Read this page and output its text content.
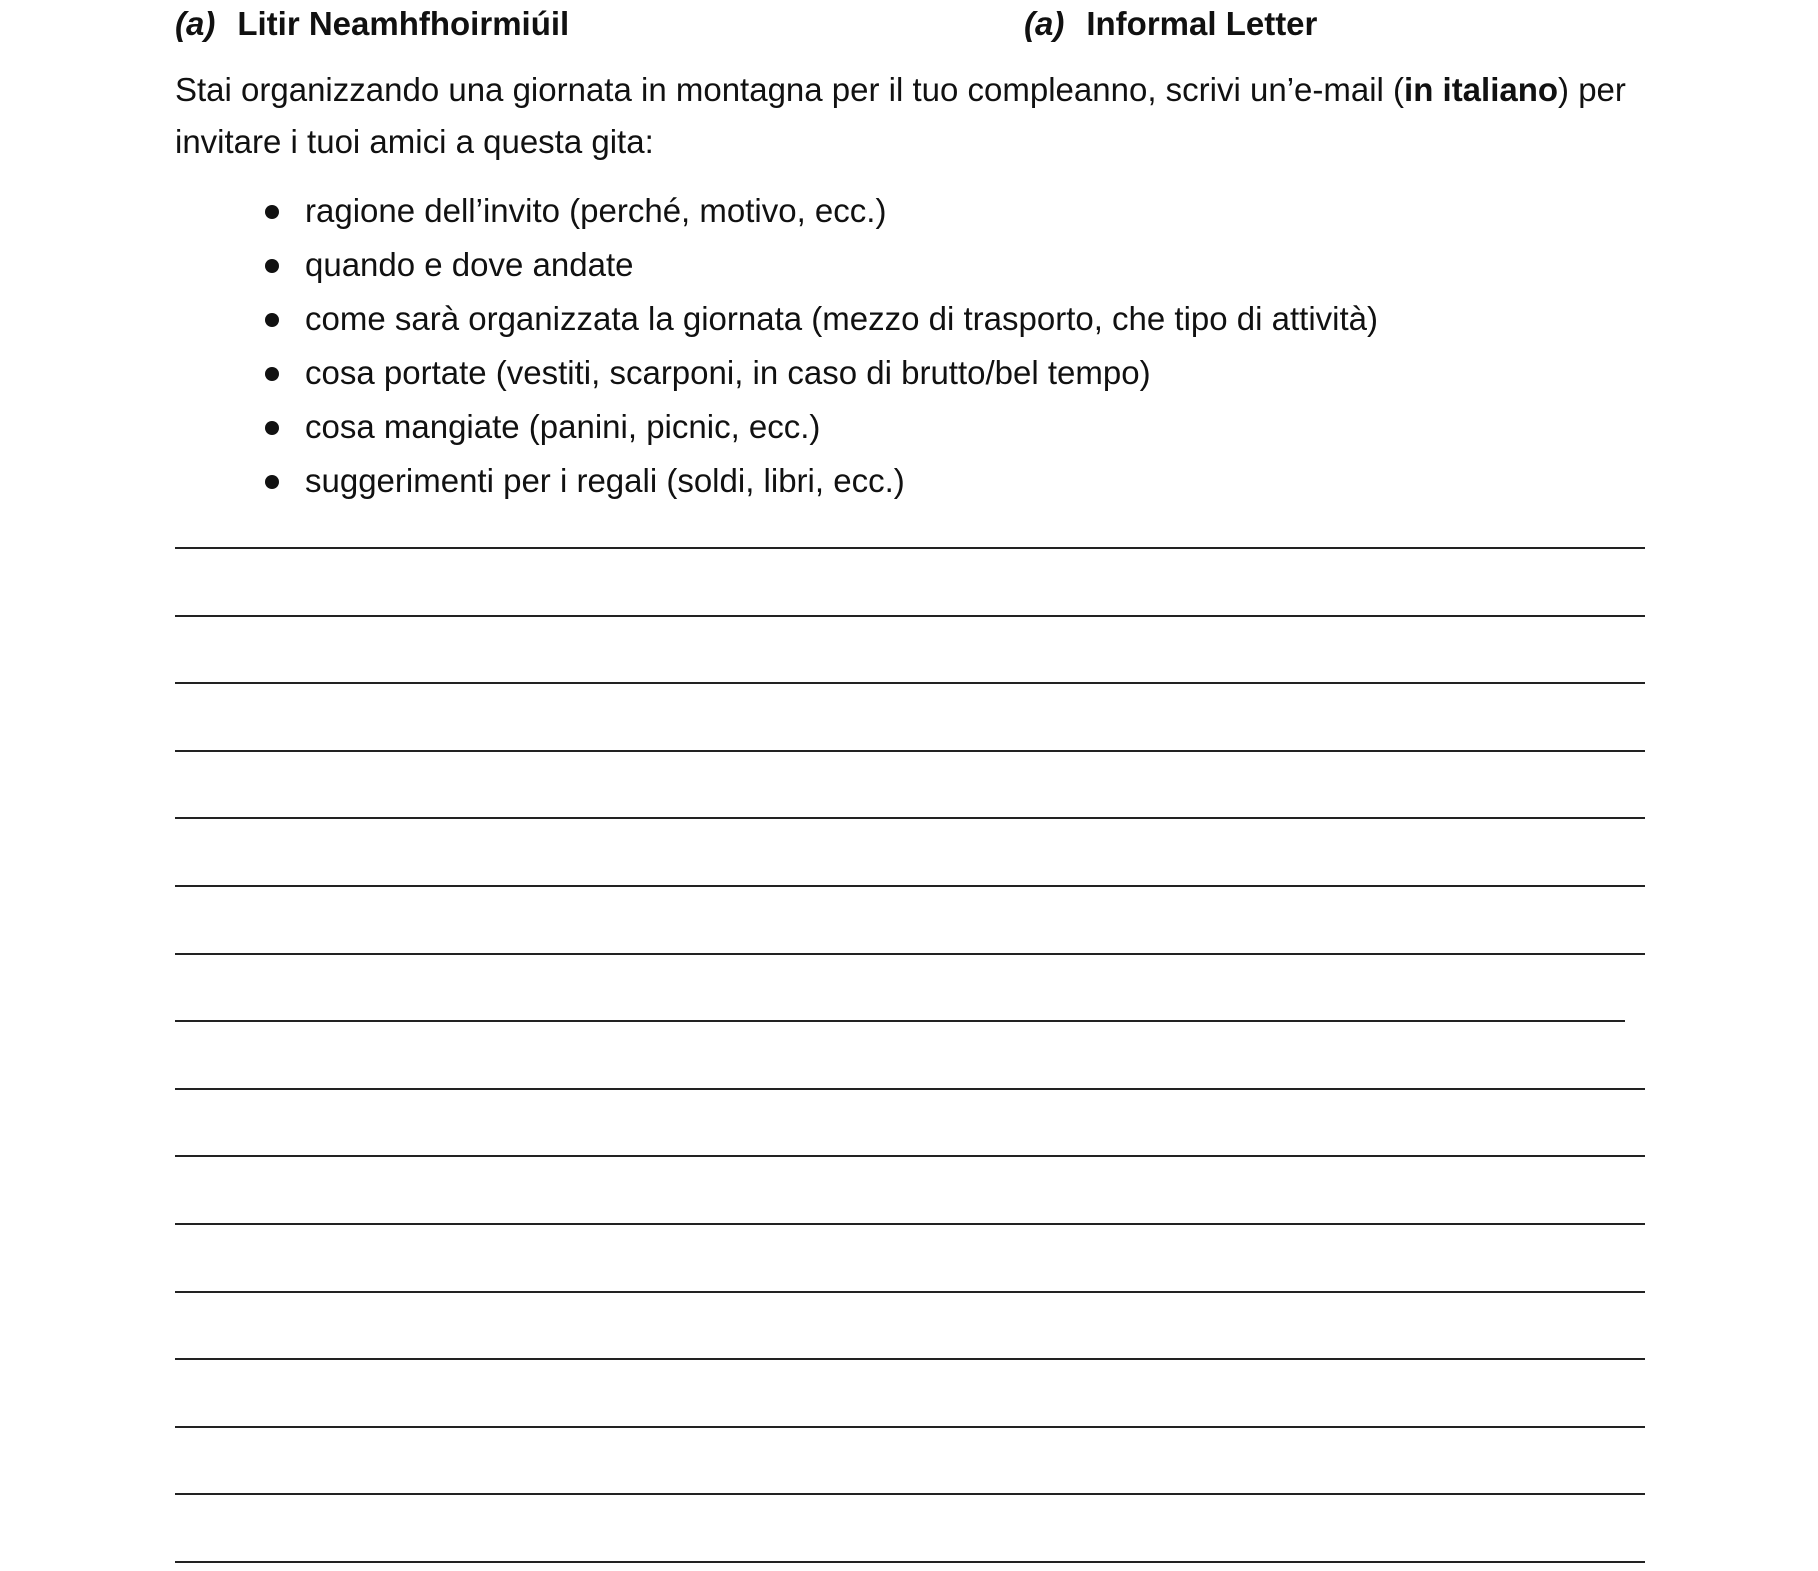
(a) Litir Neamhfhoirmiúil	(a) Informal Letter

Stai organizzando una giornata in montagna per il tuo compleanno, scrivi un’e-mail (in italiano) per invitare i tuoi amici a questa gita:

ragione dell’invito (perché, motivo, ecc.)
quando e dove andate
come sarà organizzata la giornata (mezzo di trasporto, che tipo di attività)
cosa portate (vestiti, scarponi, in caso di brutto/bel tempo)
cosa mangiate (panini, picnic, ecc.)
suggerimenti per i regali (soldi, libri, ecc.)
